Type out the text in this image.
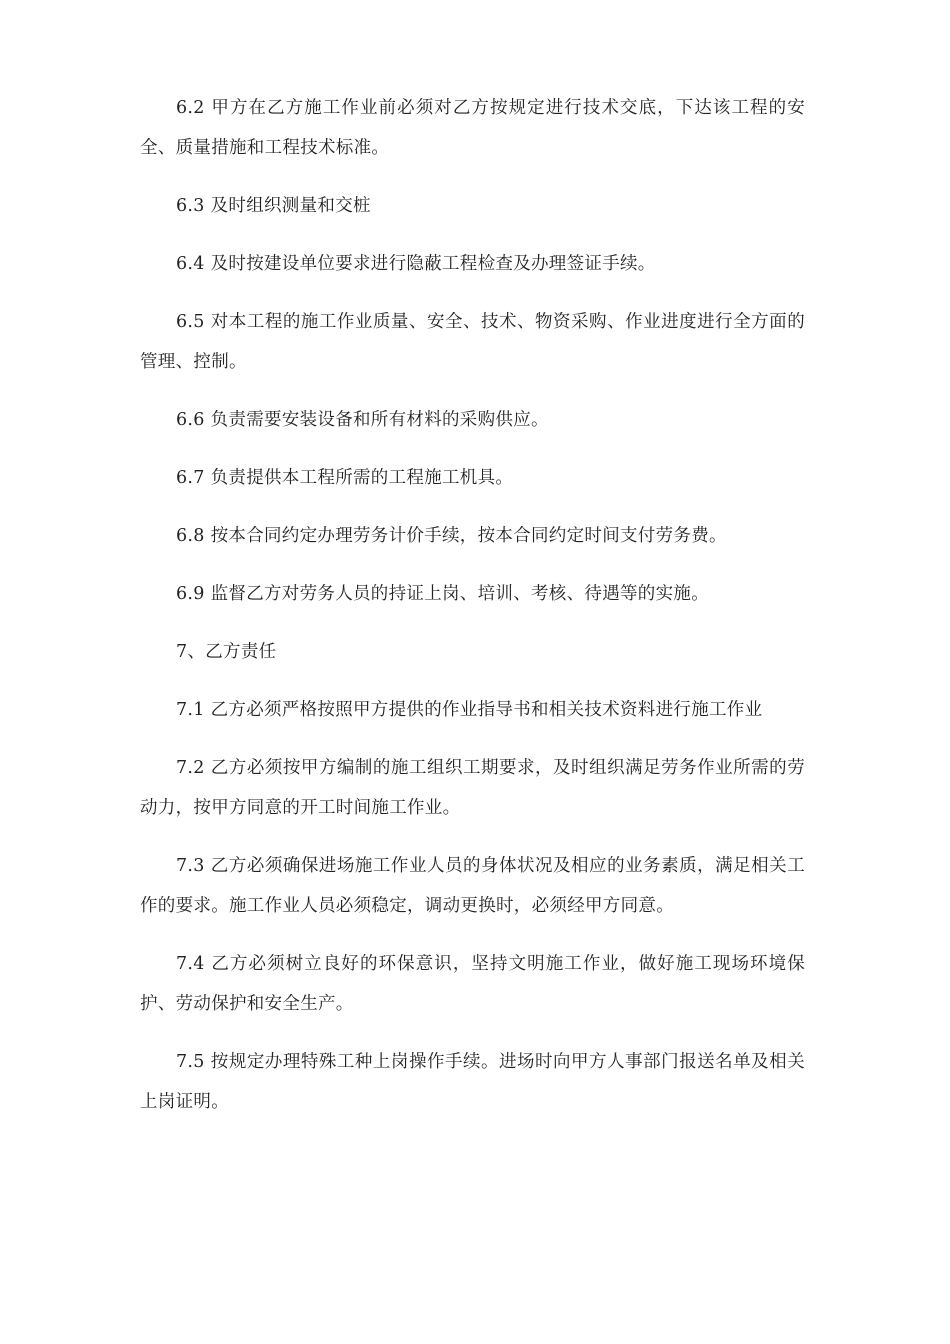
6.2 甲方在乙方施工作业前必须对乙方按规定进行技术交底，下达该工程的安全、质量措施和工程技术标准。

6.3 及时组织测量和交桩

6.4 及时按建设单位要求进行隐蔽工程检查及办理签证手续。

6.5 对本工程的施工作业质量、安全、技术、物资采购、作业进度进行全方面的管理、控制。

6.6 负责需要安装设备和所有材料的采购供应。

6.7 负责提供本工程所需的工程施工机具。

6.8 按本合同约定办理劳务计价手续，按本合同约定时间支付劳务费。

6.9 监督乙方对劳务人员的持证上岗、培训、考核、待遇等的实施。

7、乙方责任

7.1 乙方必须严格按照甲方提供的作业指导书和相关技术资料进行施工作业

7.2 乙方必须按甲方编制的施工组织工期要求，及时组织满足劳务作业所需的劳动力，按甲方同意的开工时间施工作业。

7.3 乙方必须确保进场施工作业人员的身体状况及相应的业务素质，满足相关工作的要求。施工作业人员必须稳定，调动更换时，必须经甲方同意。

7.4 乙方必须树立良好的环保意识，坚持文明施工作业，做好施工现场环境保护、劳动保护和安全生产。

7.5 按规定办理特殊工种上岗操作手续。进场时向甲方人事部门报送名单及相关上岗证明。
